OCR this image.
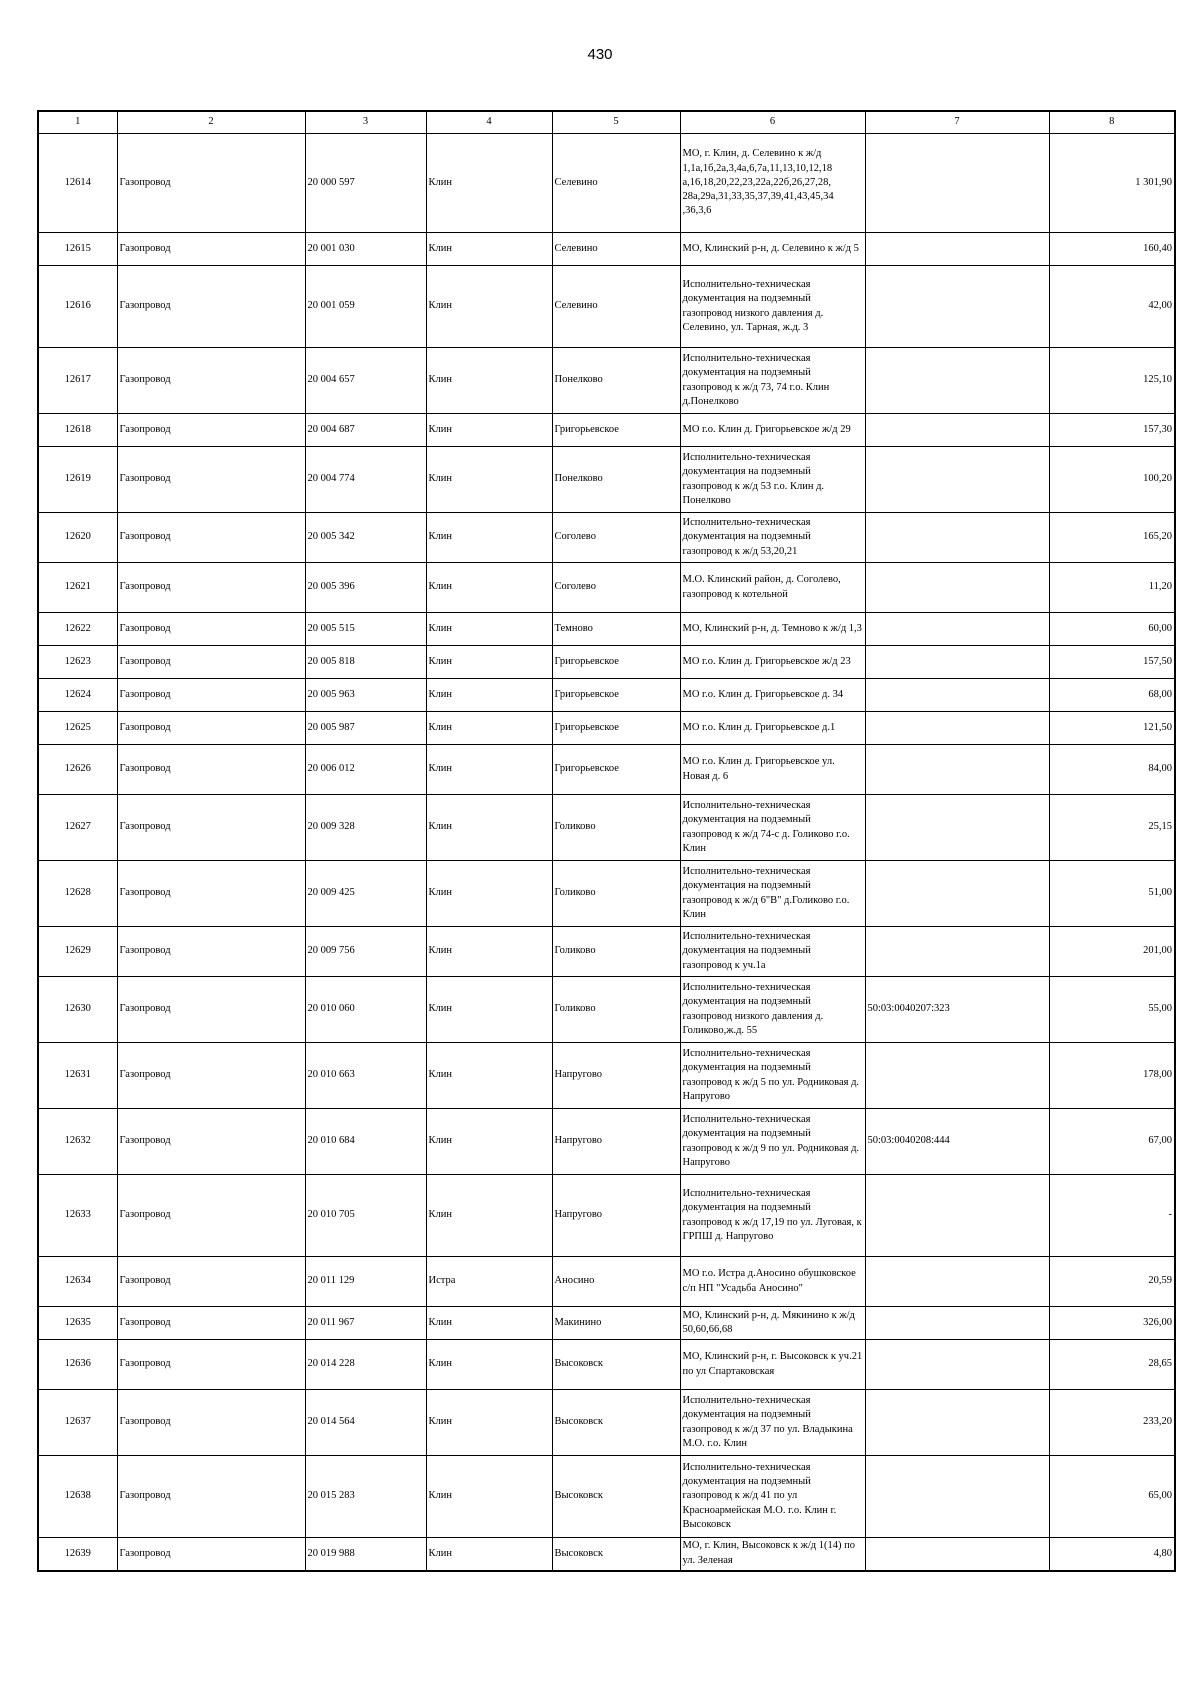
430
1	2	3	4	5	6	7	8
12614	Газопровод	20 000 597	Клин	Селевино	МО, г. Клин, д. Селевино к ж/д 1,1а,1б,2а,3,4а,6,7а,11,13,10,12,18 а,16,18,20,22,23,22а,22б,26,27,28, 28а,29а,31,33,35,37,39,41,43,45,34 ,36,3,6		1 301,90
12615	Газопровод	20 001 030	Клин	Селевино	МО, Клинский р-н, д. Селевино к ж/д 5		160,40
12616	Газопровод	20 001 059	Клин	Селевино	Исполнительно-техническая документация на подземный газопровод низкого давления д. Селевино, ул. Тарная, ж.д. 3		42,00
12617	Газопровод	20 004 657	Клин	Понелково	Исполнительно-техническая документация на подземный газопровод к ж/д 73, 74 г.о. Клин д.Понелково		125,10
12618	Газопровод	20 004 687	Клин	Григорьевское	МО г.о. Клин д. Григорьевское ж/д 29		157,30
12619	Газопровод	20 004 774	Клин	Понелково	Исполнительно-техническая документация на подземный газопровод к ж/д 53 г.о. Клин д. Понелково		100,20
12620	Газопровод	20 005 342	Клин	Соголево	Исполнительно-техническая документация на подземный газопровод к ж/д 53,20,21		165,20
12621	Газопровод	20 005 396	Клин	Соголево	М.О. Клинский район, д. Соголево, газопровод к котельной		11,20
12622	Газопровод	20 005 515	Клин	Темново	МО, Клинский р-н, д. Темново к ж/д 1,3		60,00
12623	Газопровод	20 005 818	Клин	Григорьевское	МО г.о. Клин д. Григорьевское ж/д 23		157,50
12624	Газопровод	20 005 963	Клин	Григорьевское	МО г.о. Клин д. Григорьевское д. 34		68,00
12625	Газопровод	20 005 987	Клин	Григорьевское	МО г.о. Клин д. Григорьевское д.1		121,50
12626	Газопровод	20 006 012	Клин	Григорьевское	МО г.о. Клин д. Григорьевское ул. Новая д. 6		84,00
12627	Газопровод	20 009 328	Клин	Голиково	Исполнительно-техническая документация на подземный газопровод к ж/д 74-с д. Голиково г.о. Клин		25,15
12628	Газопровод	20 009 425	Клин	Голиково	Исполнительно-техническая документация на подземный газопровод к ж/д 6"В" д.Голиково г.о. Клин		51,00
12629	Газопровод	20 009 756	Клин	Голиково	Исполнительно-техническая документация на подземный газопровод к уч.1а		201,00
12630	Газопровод	20 010 060	Клин	Голиково	Исполнительно-техническая документация на подземный газопровод низкого давления д. Голиково,ж.д. 55	50:03:0040207:323	55,00
12631	Газопровод	20 010 663	Клин	Напругово	Исполнительно-техническая документация на подземный газопровод к ж/д 5 по ул. Родниковая д. Напругово		178,00
12632	Газопровод	20 010 684	Клин	Напругово	Исполнительно-техническая документация на подземный газопровод к ж/д 9 по ул. Родниковая д. Напругово	50:03:0040208:444	67,00
12633	Газопровод	20 010 705	Клин	Напругово	Исполнительно-техническая документация на подземный газопровод к ж/д 17,19 по ул. Луговая, к ГРПШ д. Напругово		-
12634	Газопровод	20 011 129	Истра	Аносино	МО г.о. Истра д.Аносино обушковское с/п НП "Усадьба Аносино"		20,59
12635	Газопровод	20 011 967	Клин	Макинино	МО, Клинский р-н, д. Мякинино к ж/д 50,60,66,68		326,00
12636	Газопровод	20 014 228	Клин	Высоковск	МО, Клинский р-н, г. Высоковск к уч.21 по ул Спартаковская		28,65
12637	Газопровод	20 014 564	Клин	Высоковск	Исполнительно-техническая документация на подземный газопровод к ж/д 37 по ул. Владыкина М.О. г.о. Клин		233,20
12638	Газопровод	20 015 283	Клин	Высоковск	Исполнительно-техническая документация на подземный газопровод к ж/д 41 по ул Красноармейская М.О. г.о. Клин г. Высоковск		65,00
12639	Газопровод	20 019 988	Клин	Высоковск	МО, г. Клин, Высоковск к ж/д 1(14) по ул. Зеленая		4,80
